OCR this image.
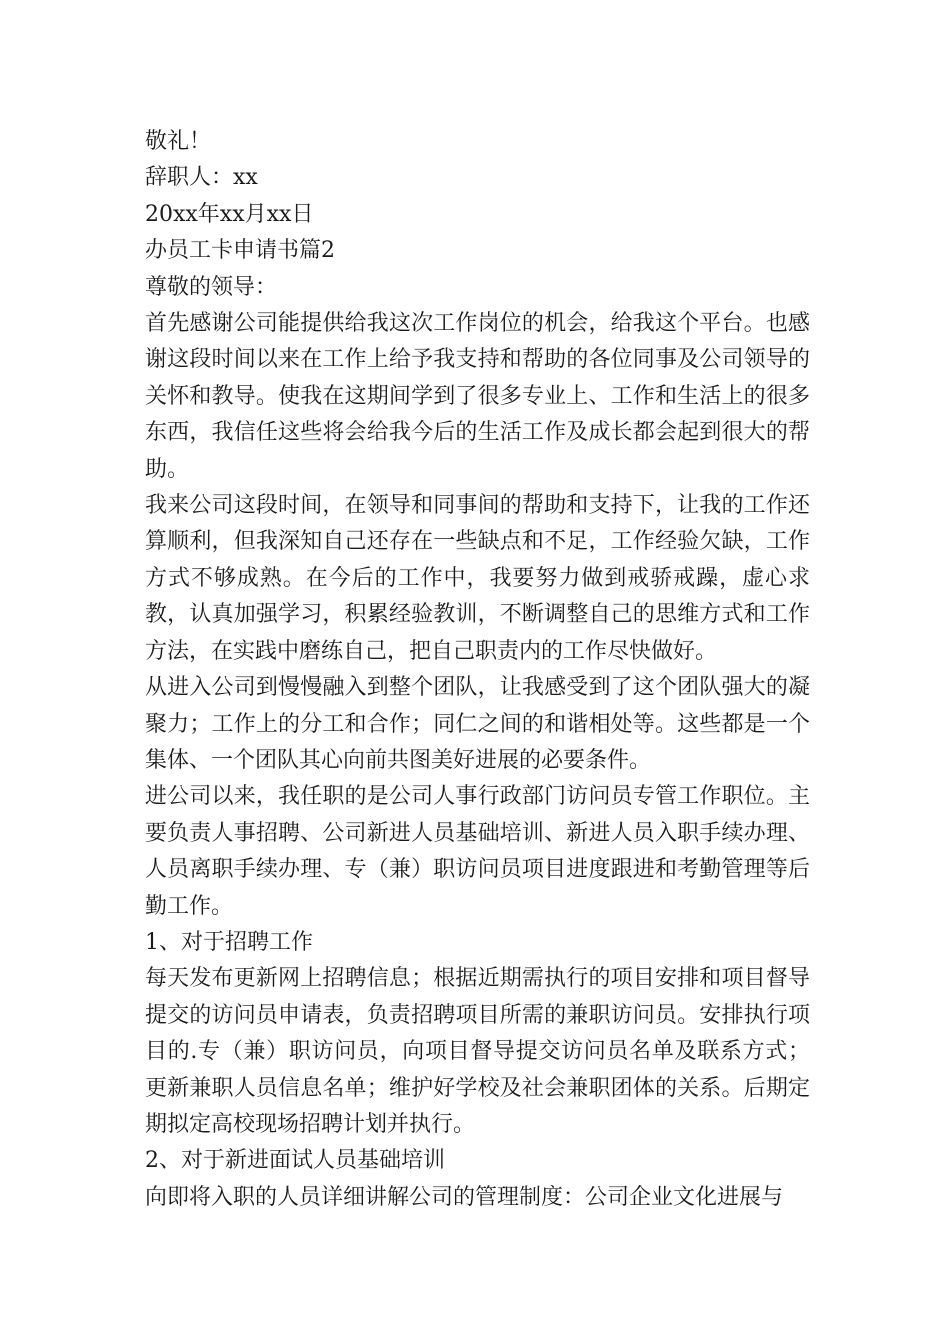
敬礼！
辞职人：xx
20xx年xx月xx日
办员工卡申请书篇2
尊敬的领导：

首先感谢公司能提供给我这次工作岗位的机会，给我这个平台。也感谢这段时间以来在工作上给予我支持和帮助的各位同事及公司领导的关怀和教导。使我在这期间学到了很多专业上、工作和生活上的很多东西，我信任这些将会给我今后的生活工作及成长都会起到很大的帮助。

我来公司这段时间，在领导和同事间的帮助和支持下，让我的工作还算顺利，但我深知自己还存在一些缺点和不足，工作经验欠缺，工作方式不够成熟。在今后的工作中，我要努力做到戒骄戒躁，虚心求教，认真加强学习，积累经验教训，不断调整自己的思维方式和工作方法，在实践中磨练自己，把自己职责内的工作尽快做好。

从进入公司到慢慢融入到整个团队，让我感受到了这个团队强大的凝聚力；工作上的分工和合作；同仁之间的和谐相处等。这些都是一个集体、一个团队其心向前共图美好进展的必要条件。

进公司以来，我任职的是公司人事行政部门访问员专管工作职位。主要负责人事招聘、公司新进人员基础培训、新进人员入职手续办理、人员离职手续办理、专（兼）职访问员项目进度跟进和考勤管理等后勤工作。

1、对于招聘工作

每天发布更新网上招聘信息；根据近期需执行的项目安排和项目督导提交的访问员申请表，负责招聘项目所需的兼职访问员。安排执行项目的.专（兼）职访问员，向项目督导提交访问员名单及联系方式；更新兼职人员信息名单；维护好学校及社会兼职团体的关系。后期定期拟定高校现场招聘计划并执行。

2、对于新进面试人员基础培训

向即将入职的人员详细讲解公司的管理制度：公司企业文化进展与
